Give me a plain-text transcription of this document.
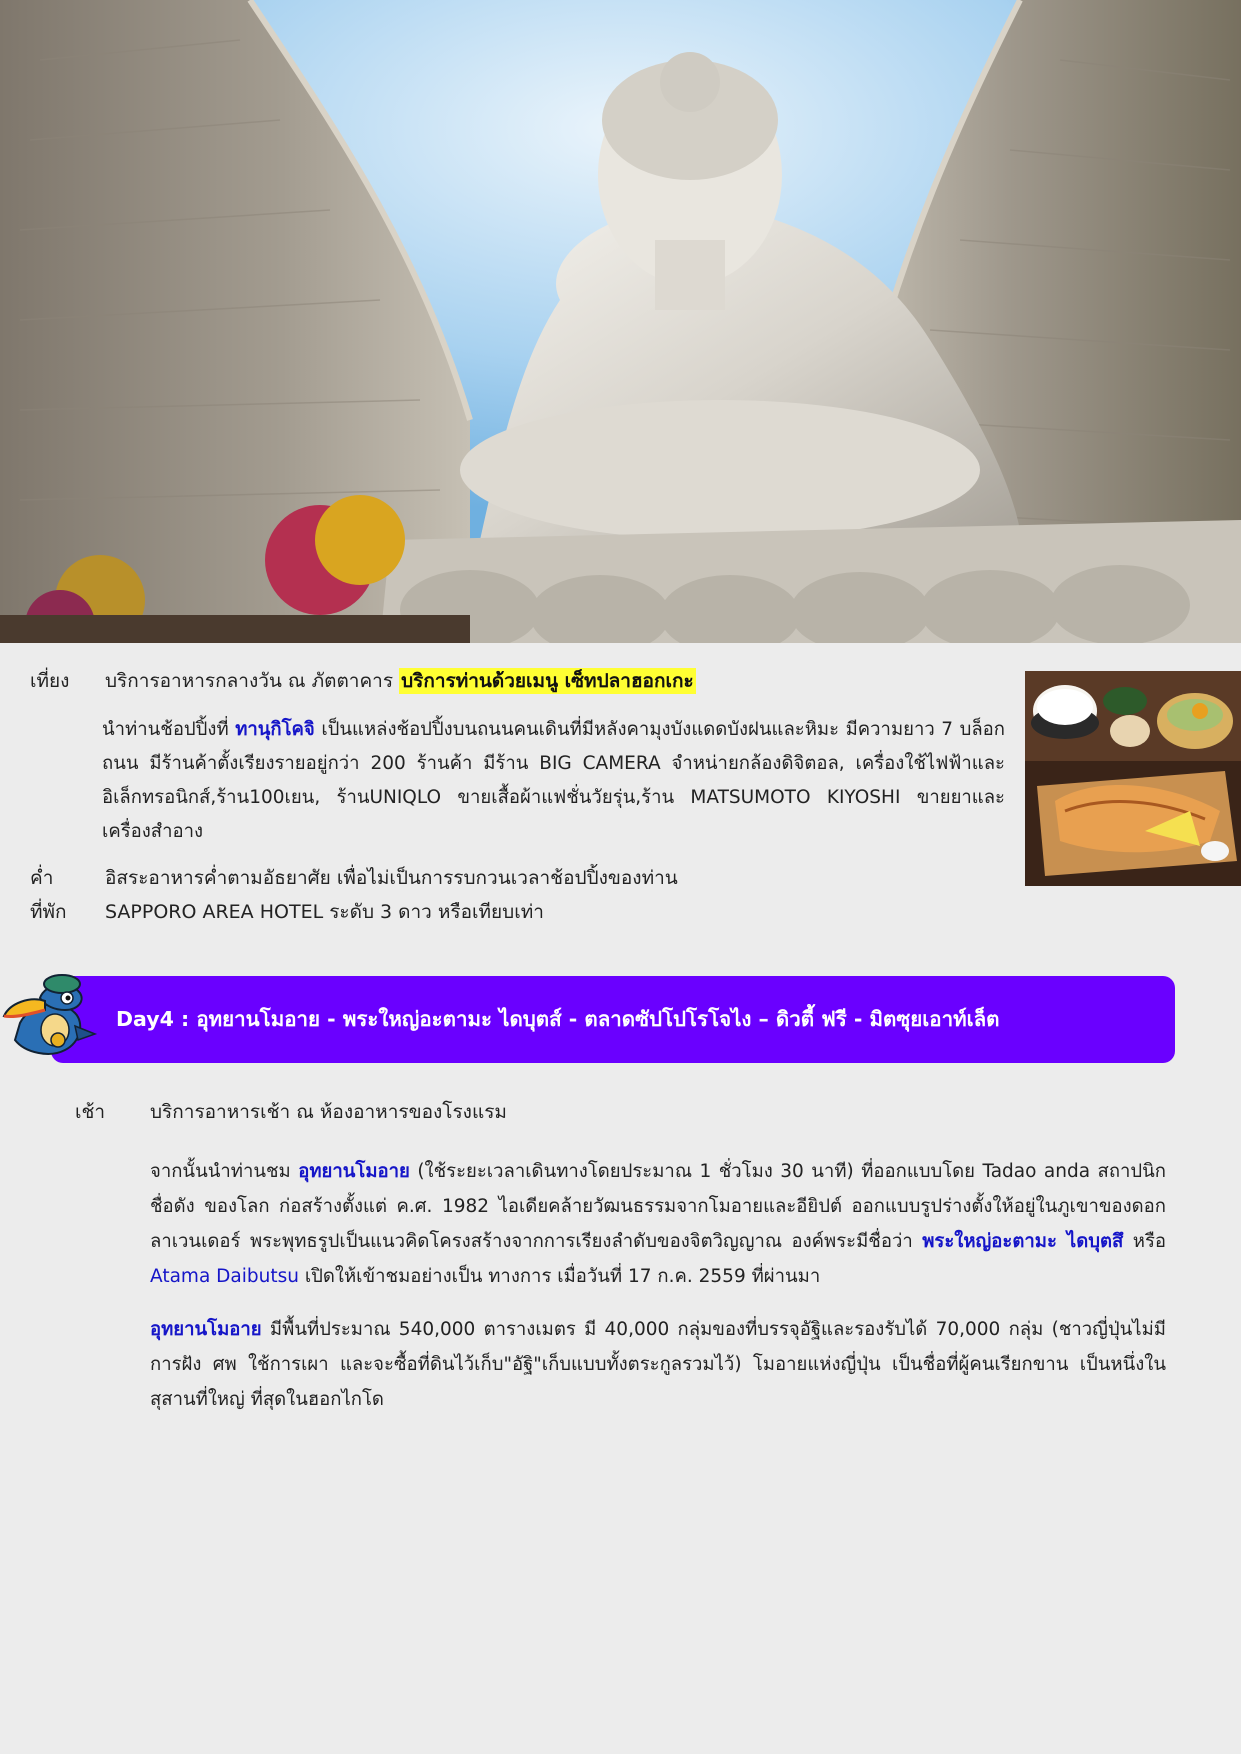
เที่ยง บริการอาหารกลางวัน ณ ภัตตาคาร บริการท่านด้วยเมนู เซ็ทปลาฮอกเกะ
นำท่านช้อปปิ้งที่ ทานุกิโคจิ เป็นแหล่งช้อปปิ้งบนถนนคนเดินที่มีหลังคามุงบังแดดบังฝนและหิมะ มีความยาว 7 บล็อก ถนน มีร้านค้าตั้งเรียงรายอยู่กว่า 200 ร้านค้า มีร้าน BIG CAMERA จำหน่ายกล้องดิจิตอล, เครื่องใช้ไฟฟ้าและ อิเล็กทรอนิกส์,ร้าน100เยน, ร้านUNIQLO ขายเสื้อผ้าแฟชั่นวัยรุ่น,ร้าน MATSUMOTO KIYOSHI ขายยาและ เครื่องสำอาง
ค่ำ	อิสระอาหารค่ำตามอัธยาศัย เพื่อไม่เป็นการรบกวนเวลาช้อปปิ้งของท่าน
ที่พัก SAPPORO AREA HOTEL ระดับ 3 ดาว หรือเทียบเท่า
Day4 : อุทยานโมอาย - พระใหญ่อะตามะ ไดบุตส์ - ตลาดซัปโปโรโจไง – ดิวตี้ ฟรี - มิตซุยเอาท์เล็ต
เช้า บริการอาหารเช้า ณ ห้องอาหารของโรงแรม
จากนั้นนำท่านชม อุทยานโมอาย (ใช้ระยะเวลาเดินทางโดยประมาณ 1 ชั่วโมง 30 นาที) ที่ออกแบบโดย Tadao anda สถาปนิกชื่อดัง ของโลก ก่อสร้างตั้งแต่ ค.ศ. 1982 ไอเดียคล้ายวัฒนธรรมจากโมอายและอียิปต์ ออกแบบรูปร่างตั้งให้อยู่ในภูเขาของดอกลาเวนเดอร์ พระพุทธรูปเป็นแนวคิดโครงสร้างจากการเรียงลำดับของจิตวิญญาณ องค์พระมีชื่อว่า พระใหญ่อะตามะ ไดบุตสึ หรือ Atama Daibutsu เปิดให้เข้าชมอย่างเป็น ทางการ เมื่อวันที่ 17 ก.ค. 2559 ที่ผ่านมา
อุทยานโมอาย มีพื้นที่ประมาณ 540,000 ตารางเมตร มี 40,000 กลุ่มของที่บรรจุอัฐิและรองรับได้ 70,000 กลุ่ม (ชาวญี่ปุ่นไม่มีการฝัง ศพ ใช้การเผา และจะซื้อที่ดินไว้เก็บ"อัฐิ"เก็บแบบทั้งตระกูลรวมไว้) โมอายแห่งญี่ปุ่น เป็นชื่อที่ผู้คนเรียกขาน เป็นหนึ่งในสุสานที่ใหญ่ ที่สุดในฮอกไกโด
